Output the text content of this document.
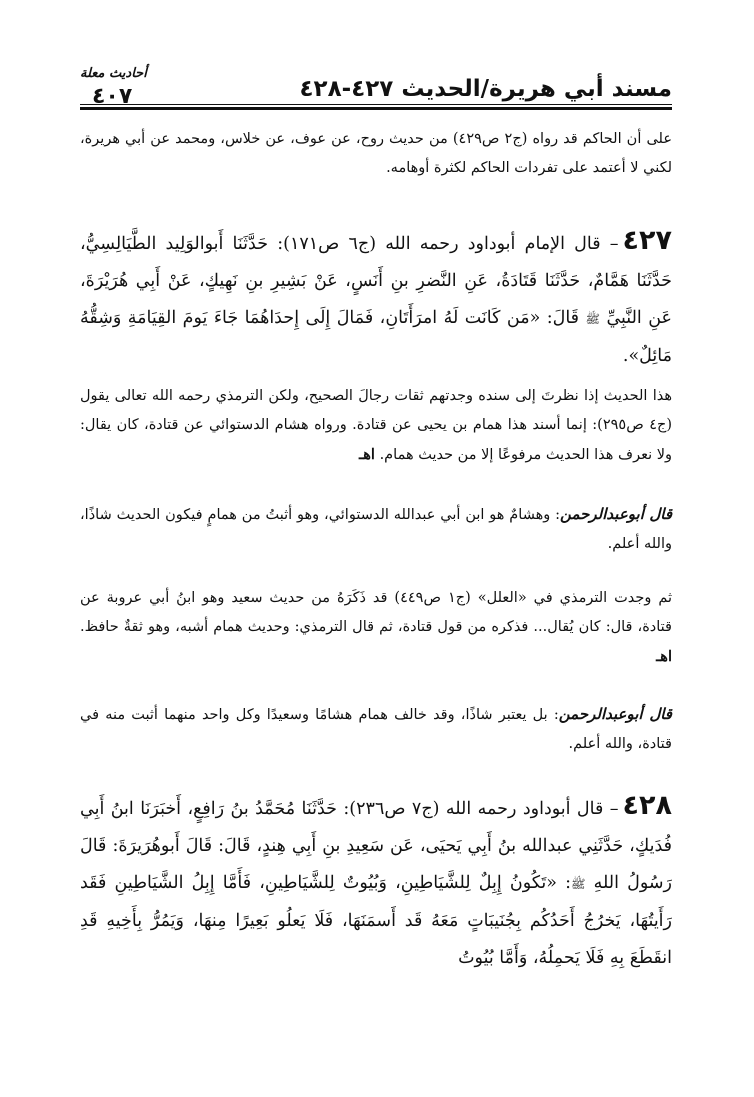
مسند أبي هريرة/الحديث ٤٢٧-٤٢٨
أحاديث معلة
٤٠٧
على أن الحاكم قد رواه (ج٢ ص٤٢٩) من حديث روح، عن عوف، عن خلاس، ومحمد عن أبي هريرة، لكني لا أعتمد على تفردات الحاكم لكثرة أوهامه.
٤٢٧– قال الإمام أبوداود رحمه الله (ج٦ ص١٧١): حَدَّثَنَا أَبوالوَلِيد الطَّيَالِسِيُّ، حَدَّثَنَا هَمَّامٌ، حَدَّثَنَا قَتَادَةُ، عَنِ النَّضرِ بنِ أَنَسٍ، عَنْ بَشِيرِ بنِ نَهِيكٍ، عَنْ أَبِي هُرَيْرَةَ، عَنِ النَّبِيِّ ﷺ قَالَ: «مَن كَانَت لَهُ امرَأَتَانِ، فَمَالَ إِلَى إِحدَاهُمَا جَاءَ يَومَ القِيَامَةِ وَشِقُّهُ مَائِلٌ».
هذا الحديث إذا نظرتَ إلى سنده وجدتهم ثقات رجالَ الصحيح، ولكن الترمذي رحمه الله تعالى يقول (ج٤ ص٢٩٥): إنما أسند هذا همام بن يحيى عن قتادة. ورواه هشام الدستوائي عن قتادة، كان يقال: ولا نعرف هذا الحديث مرفوعًا إلا من حديث همام. اهـ
قال أبوعبدالرحمن: وهشامٌ هو ابن أبي عبدالله الدستوائي، وهو أثبتُ من همامٍ فيكون الحديث شاذًا، والله أعلم.
ثم وجدت الترمذي في «العلل» (ج١ ص٤٤٩) قد ذَكَرَهُ من حديث سعيد وهو ابنُ أبي عروبة عن قتادة، قال: كان يُقال... فذكره من قول قتادة، ثم قال الترمذي: وحديث همام أشبه، وهو ثقةٌ حافظ. اهـ
قال أبوعبدالرحمن: بل يعتبر شاذًا، وقد خالف همام هشامًا وسعيدًا وكل واحد منهما أثبت منه في قتادة، والله أعلم.
٤٢٨– قال أبوداود رحمه الله (ج٧ ص٢٣٦): حَدَّثَنَا مُحَمَّدُ بنُ رَافِعٍ، أَخبَرَنَا ابنُ أَبِي فُدَيكٍ، حَدَّثَنِي عبدالله بنُ أَبِي يَحيَى، عَن سَعِيدِ بنِ أَبِي هِندٍ، قَالَ: قَالَ أَبوهُرَيرَةَ: قَالَ رَسُولُ اللهِ ﷺ: «تَكُونُ إِبِلٌ لِلشَّيَاطِينِ، وَبُيُوتٌ لِلشَّيَاطِينِ، فَأَمَّا إِبِلُ الشَّيَاطِينِ فَقَد رَأَيتُهَا، يَخرُجُ أَحَدُكُم بِجُنَيبَاتٍ مَعَهُ قَد أَسمَنَهَا، فَلَا يَعلُو بَعِيرًا مِنهَا، وَيَمُرُّ بِأَخِيهِ قَدِ انقَطَعَ بِهِ فَلَا يَحمِلُهُ، وَأَمَّا بُيُوتُ
